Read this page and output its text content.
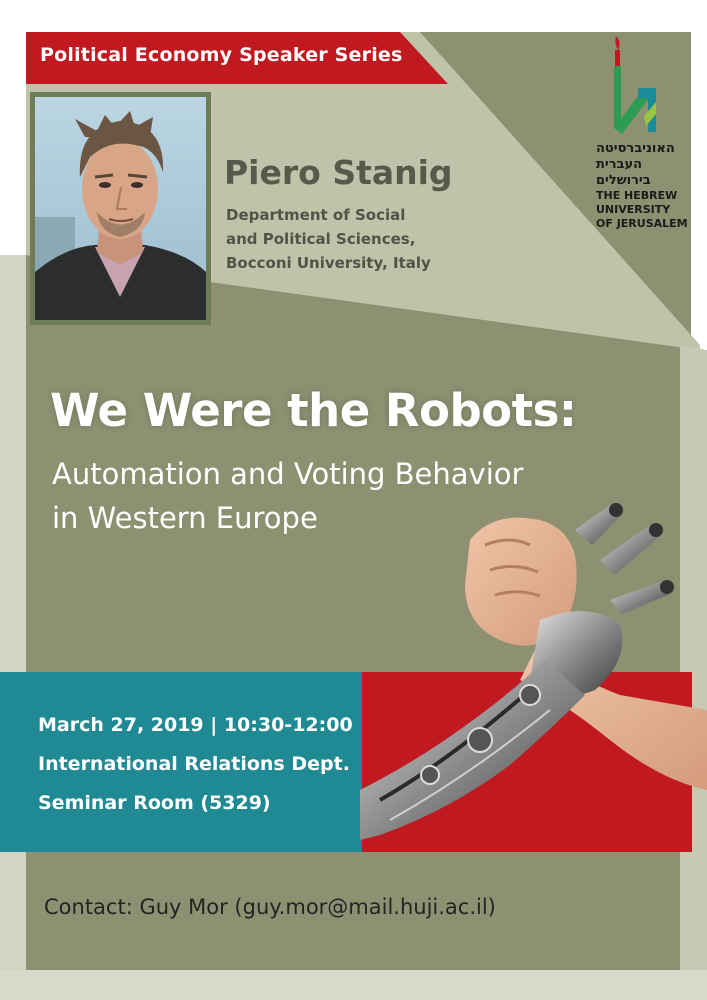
Political Economy Speaker Series
Piero Stanig
Department of Social
and Political Sciences,
Bocconi University, Italy
האוניברסיטה
העברית
בירושלים
THE HEBREW
UNIVERSITY
OF JERUSALEM
We Were the Robots:
Automation and Voting Behavior
in Western Europe
March 27, 2019 | 10:30-12:00
International Relations Dept.
Seminar Room (5329)
Contact: Guy Mor (guy.mor@mail.huji.ac.il)
